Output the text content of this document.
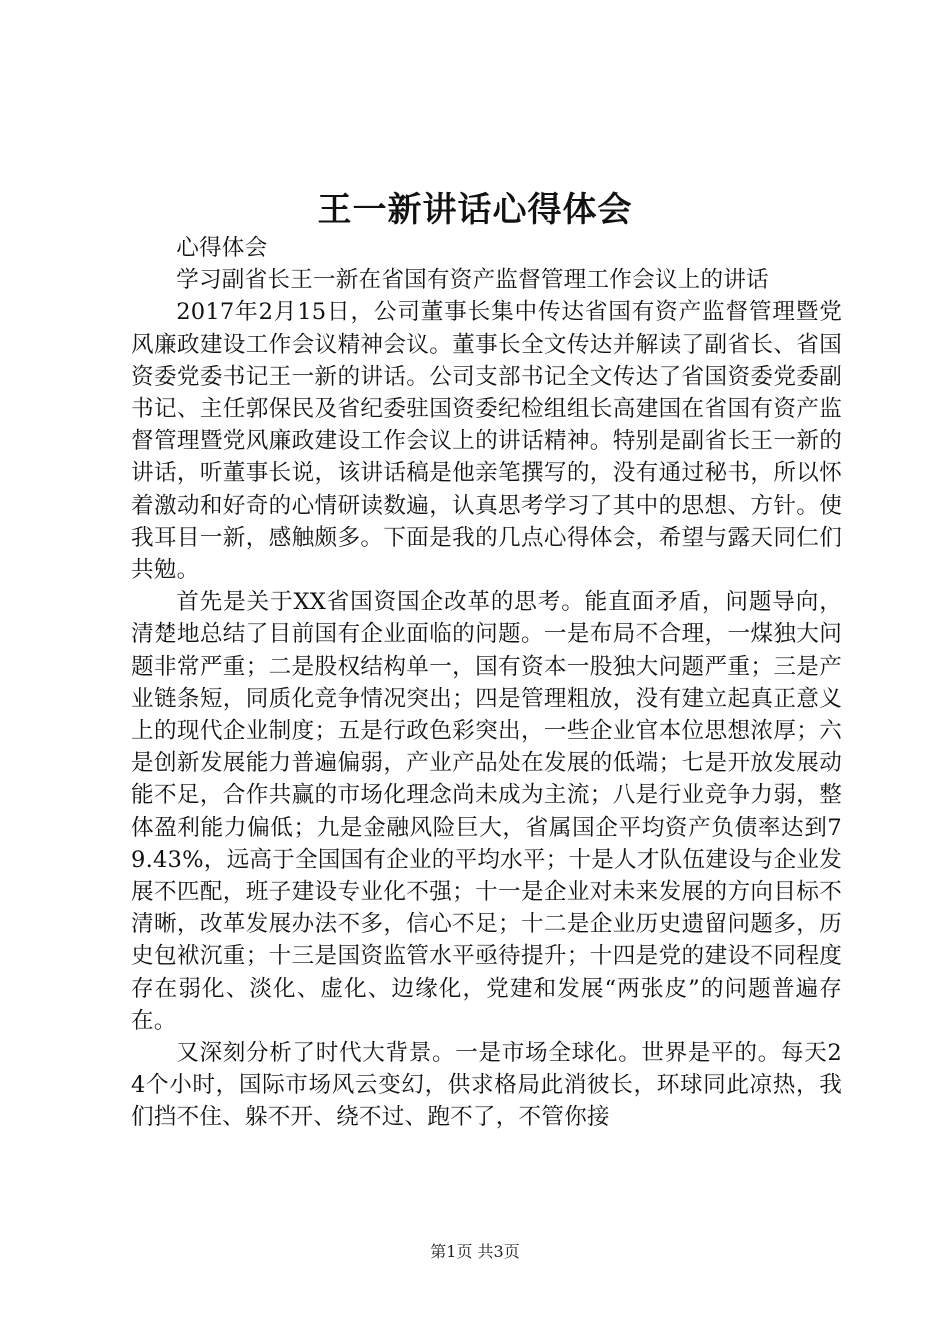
王一新讲话心得体会

心得体会

学习副省长王一新在省国有资产监督管理工作会议上的讲话

2017年2月15日，公司董事长集中传达省国有资产监督管理暨党风廉政建设工作会议精神会议。董事长全文传达并解读了副省长、省国资委党委书记王一新的讲话。公司支部书记全文传达了省国资委党委副书记、主任郭保民及省纪委驻国资委纪检组组长高建国在省国有资产监督管理暨党风廉政建设工作会议上的讲话精神。特别是副省长王一新的讲话，听董事长说，该讲话稿是他亲笔撰写的，没有通过秘书，所以怀着激动和好奇的心情研读数遍，认真思考学习了其中的思想、方针。使我耳目一新，感触颇多。下面是我的几点心得体会，希望与露天同仁们共勉。

首先是关于XX省国资国企改革的思考。能直面矛盾，问题导向，清楚地总结了目前国有企业面临的问题。一是布局不合理，一煤独大问题非常严重；二是股权结构单一，国有资本一股独大问题严重；三是产业链条短，同质化竞争情况突出；四是管理粗放，没有建立起真正意义上的现代企业制度；五是行政色彩突出，一些企业官本位思想浓厚；六是创新发展能力普遍偏弱，产业产品处在发展的低端；七是开放发展动能不足，合作共赢的市场化理念尚未成为主流；八是行业竞争力弱，整体盈利能力偏低；九是金融风险巨大，省属国企平均资产负债率达到79.43%，远高于全国国有企业的平均水平；十是人才队伍建设与企业发展不匹配，班子建设专业化不强；十一是企业对未来发展的方向目标不清晰，改革发展办法不多，信心不足；十二是企业历史遗留问题多，历史包袱沉重；十三是国资监管水平亟待提升；十四是党的建设不同程度存在弱化、淡化、虚化、边缘化，党建和发展“两张皮”的问题普遍存在。

又深刻分析了时代大背景。一是市场全球化。世界是平的。每天24个小时，国际市场风云变幻，供求格局此消彼长，环球同此凉热，我们挡不住、躲不开、绕不过、跑不了，不管你接

第1页 共3页
